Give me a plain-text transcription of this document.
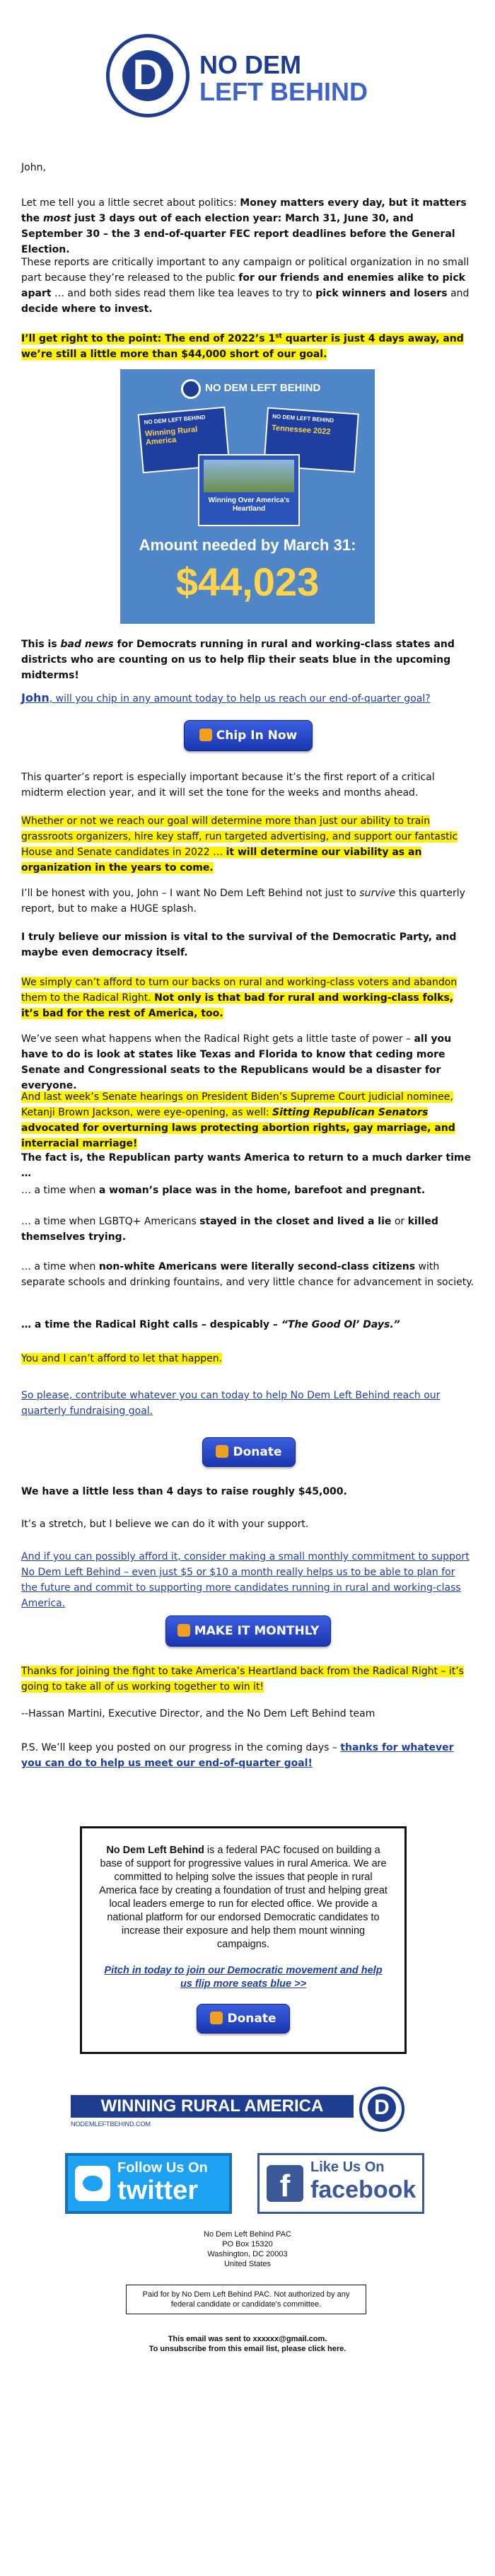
D	NO DEM
LEFT BEHIND

John,

Let me tell you a little secret about politics: Money matters every day, but it matters the most just 3 days out of each election year: March 31, June 30, and September 30 – the 3 end-of-quarter FEC report deadlines before the General Election.

These reports are critically important to any campaign or political organization in no small part because they’re released to the public for our friends and enemies alike to pick apart … and both sides read them like tea leaves to try to pick winners and losers and decide where to invest.

I’ll get right to the point: The end of 2022’s 1st quarter is just 4 days away, and we’re still a little more than $44,000 short of our goal.

NO DEM LEFT BEHIND
NO DEM LEFT BEHIND
Winning Rural America
NO DEM LEFT BEHIND
Tennessee 2022
Winning Over America's Heartland
Amount needed by March 31:
$44,023

This is bad news for Democrats running in rural and working-class states and districts who are counting on us to help flip their seats blue in the upcoming midterms!

John, will you chip in any amount today to help us reach our end-of-quarter goal?

Chip In Now

This quarter’s report is especially important because it’s the first report of a critical midterm election year, and it will set the tone for the weeks and months ahead.

Whether or not we reach our goal will determine more than just our ability to train grassroots organizers, hire key staff, run targeted advertising, and support our fantastic House and Senate candidates in 2022 … it will determine our viability as an organization in the years to come.

I’ll be honest with you, John – I want No Dem Left Behind not just to survive this quarterly report, but to make a HUGE splash.

I truly believe our mission is vital to the survival of the Democratic Party, and maybe even democracy itself.

We simply can’t afford to turn our backs on rural and working-class voters and abandon them to the Radical Right. Not only is that bad for rural and working-class folks, it’s bad for the rest of America, too.

We’ve seen what happens when the Radical Right gets a little taste of power – all you have to do is look at states like Texas and Florida to know that ceding more Senate and Congressional seats to the Republicans would be a disaster for everyone.

And last week’s Senate hearings on President Biden’s Supreme Court judicial nominee, Ketanji Brown Jackson, were eye-opening, as well: Sitting Republican Senators advocated for overturning laws protecting abortion rights, gay marriage, and interracial marriage!

The fact is, the Republican party wants America to return to a much darker time …

… a time when a woman’s place was in the home, barefoot and pregnant.

… a time when LGBTQ+ Americans stayed in the closet and lived a lie or killed themselves trying.

… a time when non-white Americans were literally second-class citizens with separate schools and drinking fountains, and very little chance for advancement in society.

… a time the Radical Right calls – despicably – “The Good Ol’ Days.”

You and I can’t afford to let that happen.

So please, contribute whatever you can today to help No Dem Left Behind reach our quarterly fundraising goal.

Donate

We have a little less than 4 days to raise roughly $45,000.

It’s a stretch, but I believe we can do it with your support.

And if you can possibly afford it, consider making a small monthly commitment to support No Dem Left Behind – even just $5 or $10 a month really helps us to be able to plan for the future and commit to supporting more candidates running in rural and working-class America.

MAKE IT MONTHLY

Thanks for joining the fight to take America’s Heartland back from the Radical Right – it’s going to take all of us working together to win it!

--Hassan Martini, Executive Director, and the No Dem Left Behind team

P.S. We’ll keep you posted on our progress in the coming days – thanks for whatever you can do to help us meet our end-of-quarter goal!

No Dem Left Behind is a federal PAC focused on building a base of support for progressive values in rural America. We are committed to helping solve the issues that people in rural America face by creating a foundation of trust and helping great local leaders emerge to run for elected office. We provide a national platform for our endorsed Democratic candidates to increase their exposure and help them mount winning campaigns.

Pitch in today to join our Democratic movement and help us flip more seats blue >>

Donate
WINNING RURAL AMERICA
NODEMLEFTBEHIND.COM
D
Follow Us On
twitter	f
Like Us On
facebook
No Dem Left Behind PAC
PO Box 15320
Washington, DC 20003
United States
Paid for by No Dem Left Behind PAC. Not authorized by any federal candidate or candidate's committee.
This email was sent to xxxxxx@gmail.com.
To unsubscribe from this email list, please click here.
